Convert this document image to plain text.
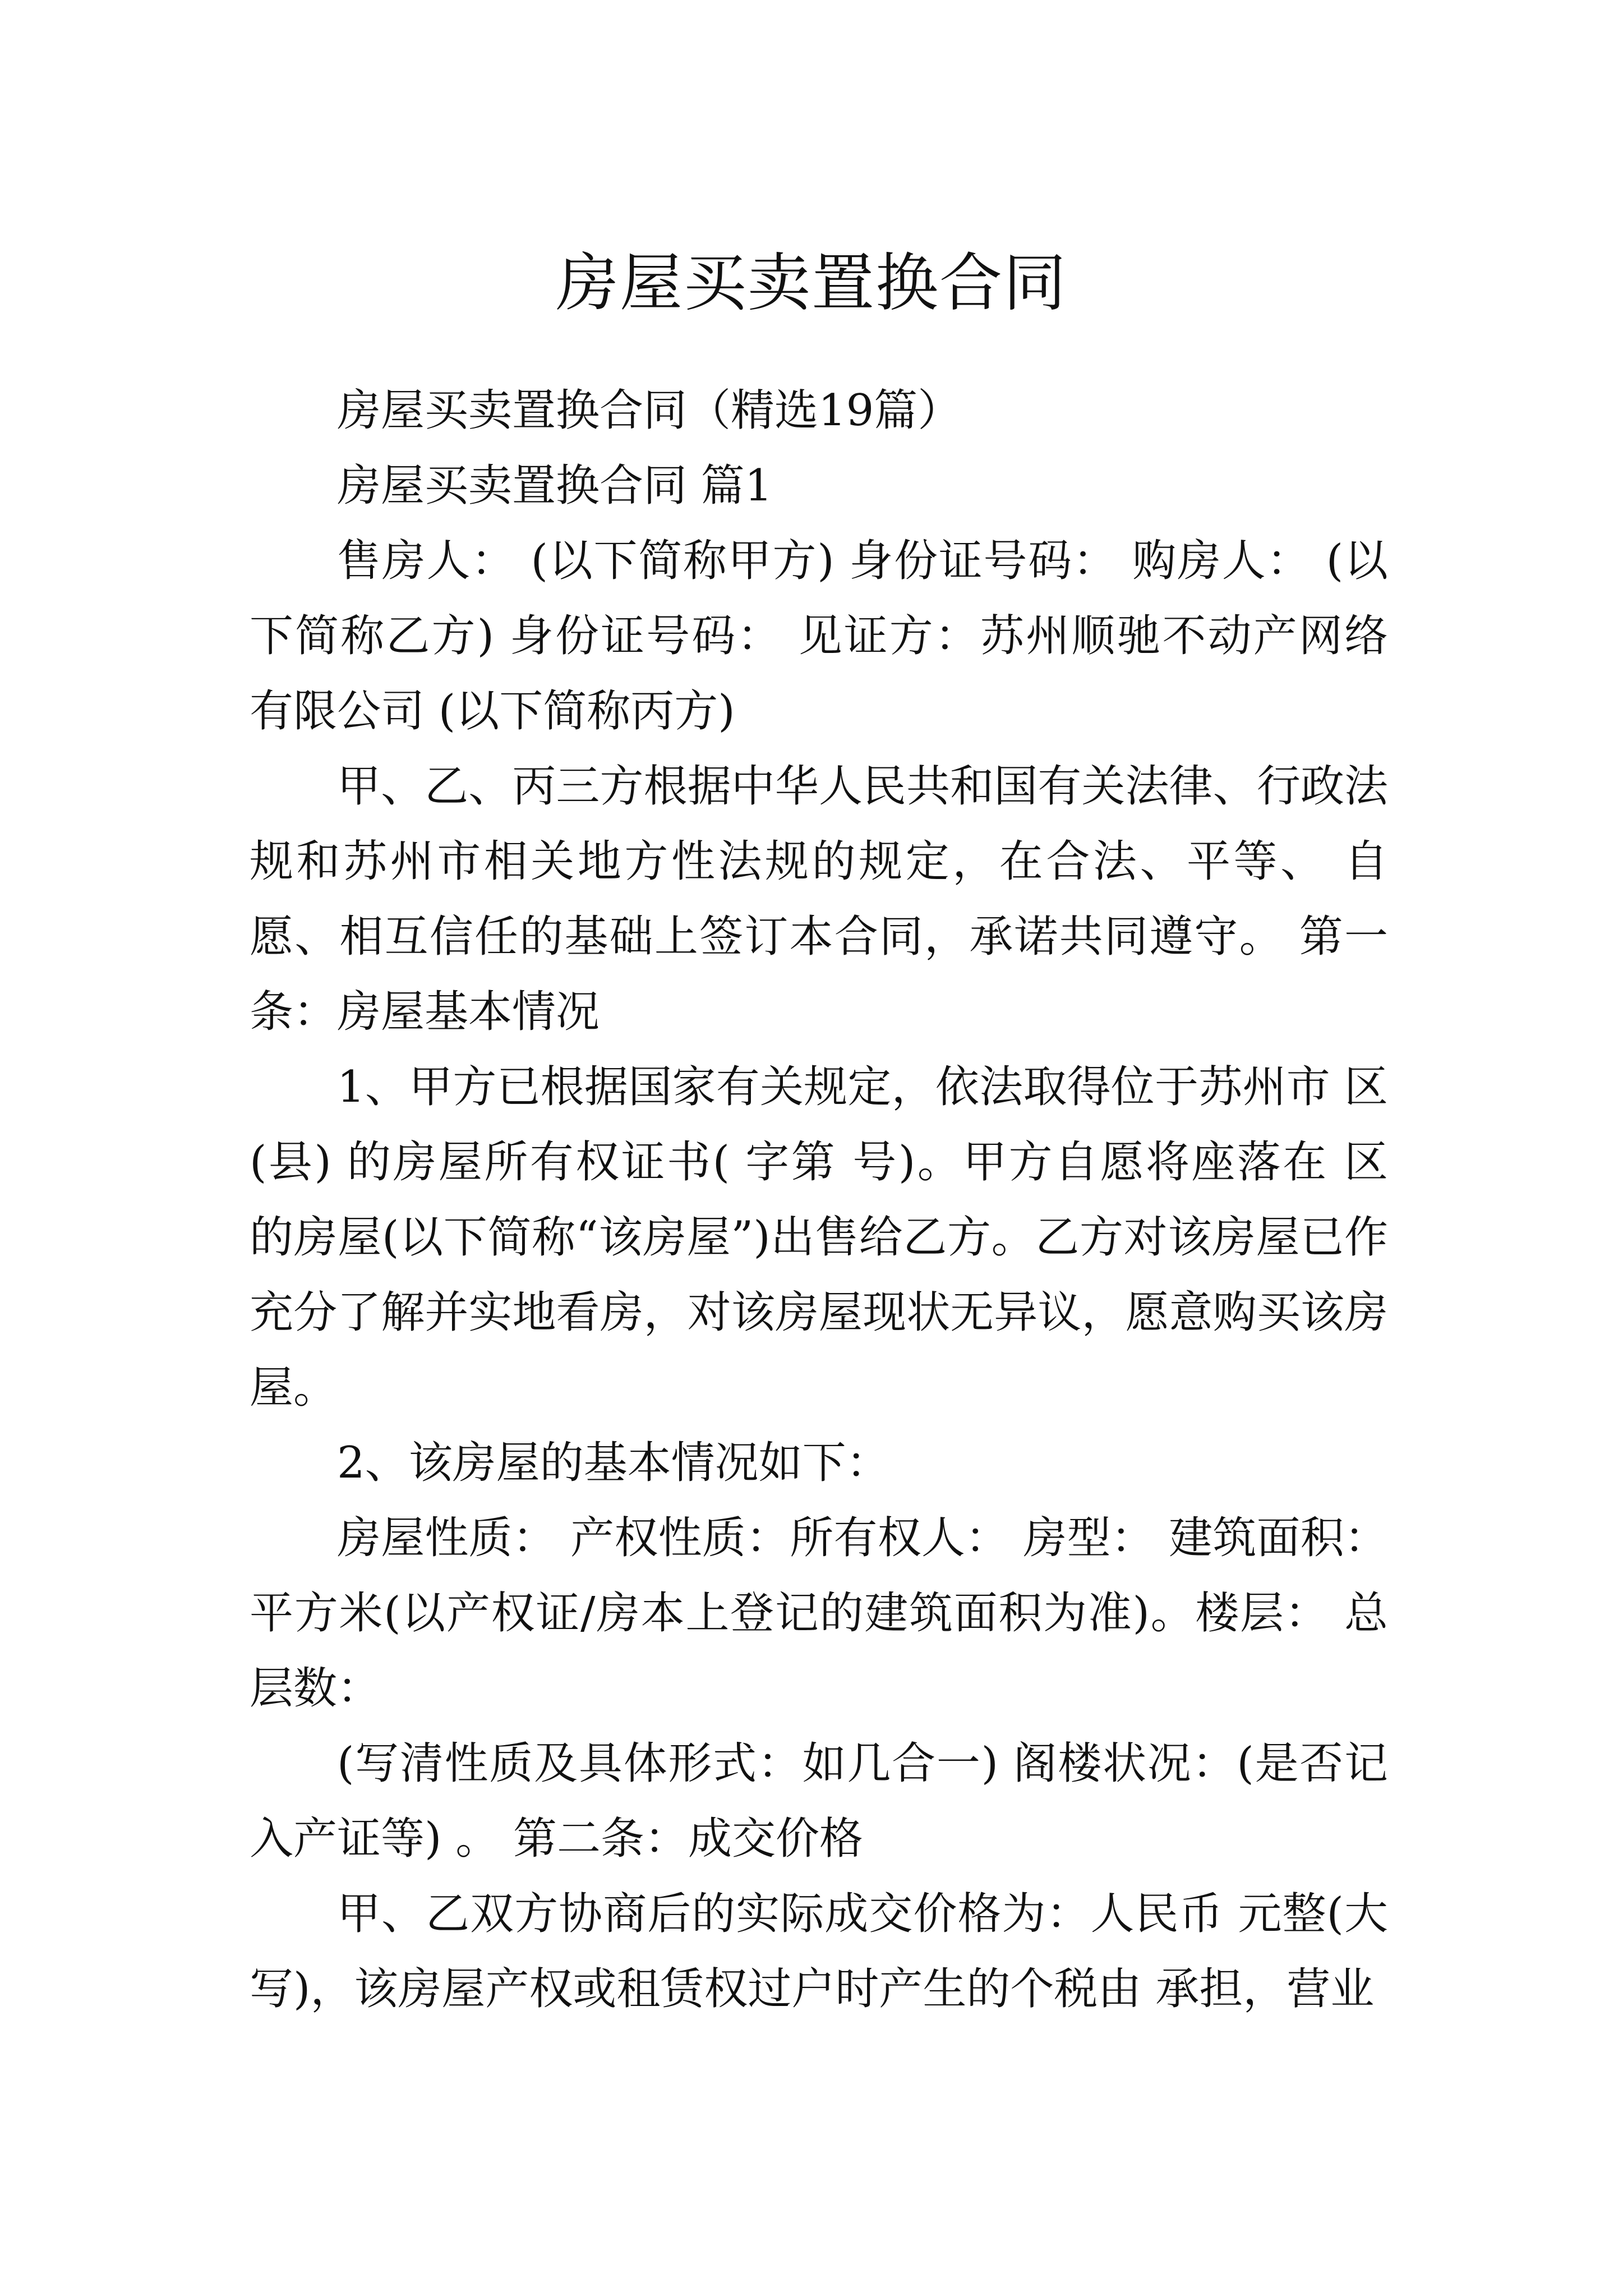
房屋买卖置换合同

房屋买卖置换合同（精选19篇）

房屋买卖置换合同 篇1

售房人： (以下简称甲方) 身份证号码： 购房人： (以下简称乙方) 身份证号码： 见证方：苏州顺驰不动产网络有限公司 (以下简称丙方)

甲、乙、丙三方根据中华人民共和国有关法律、行政法规和苏州市相关地方性法规的规定，在合法、平等、 自愿、相互信任的基础上签订本合同，承诺共同遵守。 第一条：房屋基本情况

1、甲方已根据国家有关规定，依法取得位于苏州市 区(县) 的房屋所有权证书( 字第 号)。甲方自愿将座落在 区 的房屋(以下简称“该房屋”)出售给乙方。乙方对该房屋已作充分了解并实地看房，对该房屋现状无异议，愿意购买该房屋。

2、该房屋的基本情况如下：

房屋性质： 产权性质：所有权人： 房型： 建筑面积：平方米(以产权证/房本上登记的建筑面积为准)。楼层： 总层数：

(写清性质及具体形式：如几合一) 阁楼状况：(是否记入产证等) 。 第二条：成交价格

甲、乙双方协商后的实际成交价格为：人民币 元整(大写)，该房屋产权或租赁权过户时产生的个税由 承担，营业
